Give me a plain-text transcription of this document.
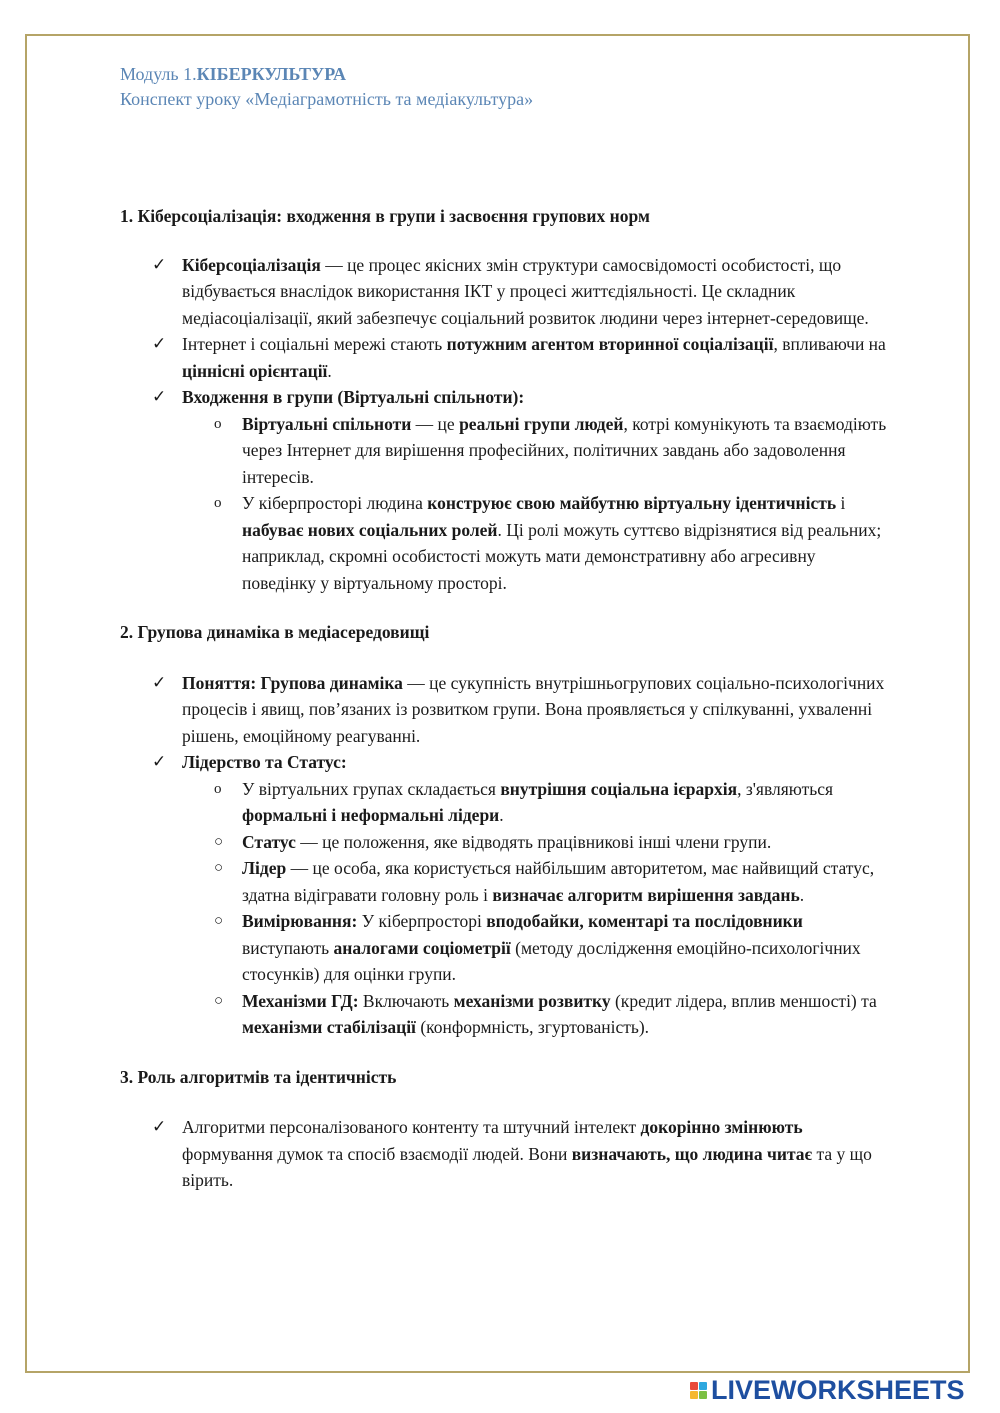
Модуль 1.КІБЕРКУЛЬТУРА
Конспект уроку «Медіаграмотність та медіакультура»

1. Кіберсоціалізація: входження в групи і засвоєння групових норм

✓ Кіберсоціалізація — це процес якісних змін структури самосвідомості особистості, що відбувається внаслідок використання ІКТ у процесі життєдіяльності. Це складник медіасоціалізації, який забезпечує соціальний розвиток людини через інтернет-середовище.
✓ Інтернет і соціальні мережі стають потужним агентом вторинної соціалізації, впливаючи на ціннісні орієнтації.
✓ Входження в групи (Віртуальні спільноти):
o Віртуальні спільноти — це реальні групи людей, котрі комунікують та взаємодіють через Інтернет для вирішення професійних, політичних завдань або задоволення інтересів.
o У кіберпросторі людина конструює свою майбутню віртуальну ідентичність і набуває нових соціальних ролей. Ці ролі можуть суттєво відрізнятися від реальних; наприклад, скромні особистості можуть мати демонстративну або агресивну поведінку у віртуальному просторі.

2. Групова динаміка в медіасередовищі

✓ Поняття: Групова динаміка — це сукупність внутрішньогрупових соціально-психологічних процесів і явищ, пов’язаних із розвитком групи. Вона проявляється у спілкуванні, ухваленні рішень, емоційному реагуванні.
✓ Лідерство та Статус:
o У віртуальних групах складається внутрішня соціальна ієрархія, з'являються формальні і неформальні лідери.
○ Статус — це положення, яке відводять працівникові інші члени групи.
○ Лідер — це особа, яка користується найбільшим авторитетом, має найвищий статус, здатна відігравати головну роль і визначає алгоритм вирішення завдань.
○ Вимірювання: У кіберпросторі вподобайки, коментарі та послідовники виступають аналогами соціометрії (методу дослідження емоційно-психологічних стосунків) для оцінки групи.
○ Механізми ГД: Включають механізми розвитку (кредит лідера, вплив меншості) та механізми стабілізації (конформність, згуртованість).

3. Роль алгоритмів та ідентичність

✓ Алгоритми персоналізованого контенту та штучний інтелект докорінно змінюють формування думок та спосіб взаємодії людей. Вони визначають, що людина читає та у що вірить.
LIVEWORKSHEETS
